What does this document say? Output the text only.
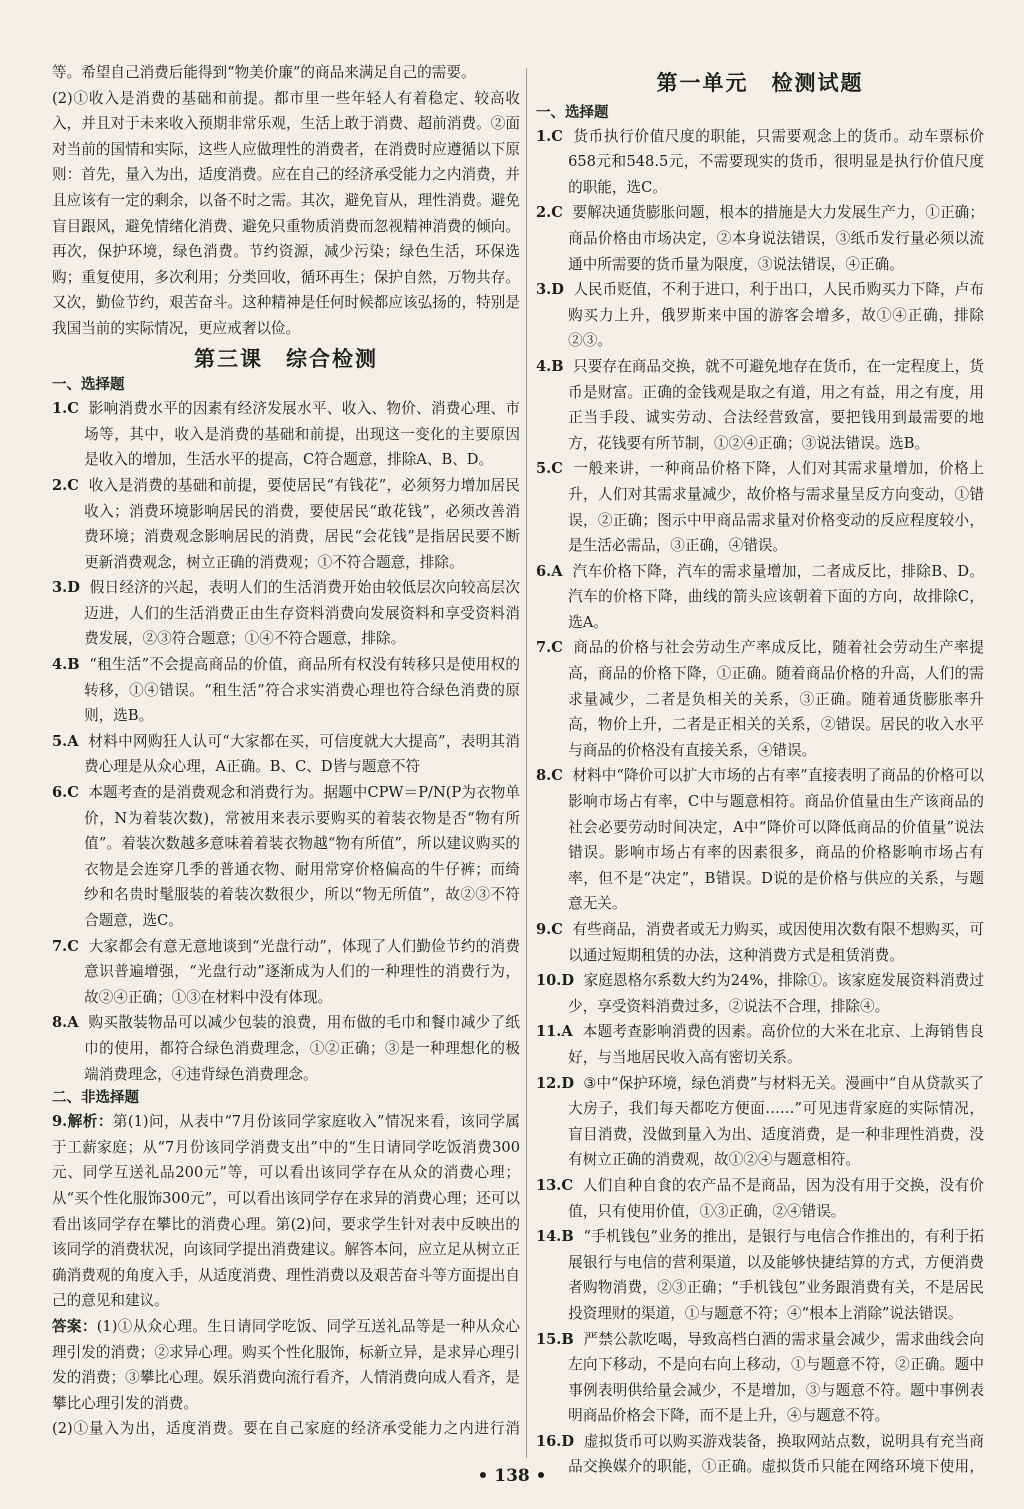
等。希望自己消费后能得到“物美价廉”的商品来满足自己的需要。

(2)①收入是消费的基础和前提。都市里一些年轻人有着稳定、较高收入，并且对于未来收入预期非常乐观，生活上敢于消费、超前消费。②面对当前的国情和实际，这些人应做理性的消费者，在消费时应遵循以下原则：首先，量入为出，适度消费。应在自己的经济承受能力之内消费，并且应该有一定的剩余，以备不时之需。其次，避免盲从，理性消费。避免盲目跟风，避免情绪化消费、避免只重物质消费而忽视精神消费的倾向。再次，保护环境，绿色消费。节约资源，减少污染；绿色生活，环保选购；重复使用，多次利用；分类回收，循环再生；保护自然，万物共存。又次，勤俭节约，艰苦奋斗。这种精神是任何时候都应该弘扬的，特别是我国当前的实际情况，更应戒奢以俭。

第三课　综合检测
一、选择题

1.C 影响消费水平的因素有经济发展水平、收入、物价、消费心理、市场等，其中，收入是消费的基础和前提，出现这一变化的主要原因是收入的增加，生活水平的提高，C符合题意，排除A、B、D。

2.C 收入是消费的基础和前提，要使居民“有钱花”，必须努力增加居民收入；消费环境影响居民的消费，要使居民“敢花钱”，必须改善消费环境；消费观念影响居民的消费，居民“会花钱”是指居民要不断更新消费观念，树立正确的消费观；①不符合题意，排除。

3.D 假日经济的兴起，表明人们的生活消费开始由较低层次向较高层次迈进，人们的生活消费正由生存资料消费向发展资料和享受资料消费发展，②③符合题意；①④不符合题意，排除。

4.B “租生活”不会提高商品的价值，商品所有权没有转移只是使用权的转移，①④错误。“租生活”符合求实消费心理也符合绿色消费的原则，选B。

5.A 材料中网购狂人认可“大家都在买，可信度就大大提高”，表明其消费心理是从众心理，A正确。B、C、D皆与题意不符

6.C 本题考查的是消费观念和消费行为。据题中CPW＝P/N(P为衣物单价，N为着装次数)，常被用来表示要购买的着装衣物是否“物有所值”。着装次数越多意味着着装衣物越“物有所值”，所以建议购买的衣物是会连穿几季的普通衣物、耐用常穿价格偏高的牛仔裤；而绮纱和名贵时髦服装的着装次数很少，所以“物无所值”，故②③不符合题意，选C。

7.C 大家都会有意无意地谈到“光盘行动”，体现了人们勤俭节约的消费意识普遍增强，“光盘行动”逐渐成为人们的一种理性的消费行为，故②④正确；①③在材料中没有体现。

8.A 购买散装物品可以减少包装的浪费，用布做的毛巾和餐巾减少了纸巾的使用，都符合绿色消费理念，①②正确；③是一种理想化的极端消费理念，④违背绿色消费理念。

二、非选择题

9.解析：第(1)问，从表中“7月份该同学家庭收入”情况来看，该同学属于工薪家庭；从“7月份该同学消费支出”中的“生日请同学吃饭消费300元、同学互送礼品200元”等，可以看出该同学存在从众的消费心理；从“买个性化服饰300元”，可以看出该同学存在求异的消费心理；还可以看出该同学存在攀比的消费心理。第(2)问，要求学生针对表中反映出的该同学的消费状况，向该同学提出消费建议。解答本问，应立足从树立正确消费观的角度入手，从适度消费、理性消费以及艰苦奋斗等方面提出自己的意见和建议。

答案：(1)①从众心理。生日请同学吃饭、同学互送礼品等是一种从众心理引发的消费；②求异心理。购买个性化服饰，标新立异，是求异心理引发的消费；③攀比心理。娱乐消费向流行看齐，人情消费向成人看齐，是攀比心理引发的消费。

(2)①量入为出，适度消费。要在自己家庭的经济承受能力之内进行消

第一单元　检测试题
一、选择题

1.C 货币执行价值尺度的职能，只需要观念上的货币。动车票标价658元和548.5元，不需要现实的货币，很明显是执行价值尺度的职能，选C。

2.C 要解决通货膨胀问题，根本的措施是大力发展生产力，①正确；商品价格由市场决定，②本身说法错误，③纸币发行量必须以流通中所需要的货币量为限度，③说法错误，④正确。

3.D 人民币贬值，不利于进口，利于出口，人民币购买力下降，卢布购买力上升，俄罗斯来中国的游客会增多，故①④正确，排除②③。

4.B 只要存在商品交换，就不可避免地存在货币，在一定程度上，货币是财富。正确的金钱观是取之有道，用之有益，用之有度，用正当手段、诚实劳动、合法经营致富，要把钱用到最需要的地方，花钱要有所节制，①②④正确；③说法错误。选B。

5.C 一般来讲，一种商品价格下降，人们对其需求量增加，价格上升，人们对其需求量减少，故价格与需求量呈反方向变动，①错误，②正确；图示中甲商品需求量对价格变动的反应程度较小，是生活必需品，③正确，④错误。

6.A 汽车价格下降，汽车的需求量增加，二者成反比，排除B、D。汽车的价格下降，曲线的箭头应该朝着下面的方向，故排除C，选A。

7.C 商品的价格与社会劳动生产率成反比，随着社会劳动生产率提高，商品的价格下降，①正确。随着商品价格的升高，人们的需求量减少，二者是负相关的关系，③正确。随着通货膨胀率升高，物价上升，二者是正相关的关系，②错误。居民的收入水平与商品的价格没有直接关系，④错误。

8.C 材料中“降价可以扩大市场的占有率”直接表明了商品的价格可以影响市场占有率，C中与题意相符。商品价值量由生产该商品的社会必要劳动时间决定，A中“降价可以降低商品的价值量”说法错误。影响市场占有率的因素很多，商品的价格影响市场占有率，但不是“决定”，B错误。D说的是价格与供应的关系，与题意无关。

9.C 有些商品，消费者或无力购买，或因使用次数有限不想购买，可以通过短期租赁的办法，这种消费方式是租赁消费。

10.D 家庭恩格尔系数大约为24%，排除①。该家庭发展资料消费过少，享受资料消费过多，②说法不合理，排除④。

11.A 本题考查影响消费的因素。高价位的大米在北京、上海销售良好，与当地居民收入高有密切关系。

12.D ③中“保护环境，绿色消费”与材料无关。漫画中“自从贷款买了大房子，我们每天都吃方便面……”可见违背家庭的实际情况，盲目消费，没做到量入为出、适度消费，是一种非理性消费，没有树立正确的消费观，故①②④与题意相符。

13.C 人们自种自食的农产品不是商品，因为没有用于交换，没有价值，只有使用价值，①③正确，②④错误。

14.B “手机钱包”业务的推出，是银行与电信合作推出的，有利于拓展银行与电信的营利渠道，以及能够快捷结算的方式，方便消费者购物消费，②③正确；“手机钱包”业务跟消费有关，不是居民投资理财的渠道，①与题意不符；④“根本上消除”说法错误。

15.B 严禁公款吃喝，导致高档白酒的需求量会减少，需求曲线会向左向下移动，不是向右向上移动，①与题意不符，②正确。题中事例表明供给量会减少，不是增加，③与题意不符。题中事例表明商品价格会下降，而不是上升，④与题意不符。

16.D 虚拟货币可以购买游戏装备，换取网站点数，说明具有充当商品交换媒介的职能，①正确。虚拟货币只能在网络环境下使用，

• 138 •
